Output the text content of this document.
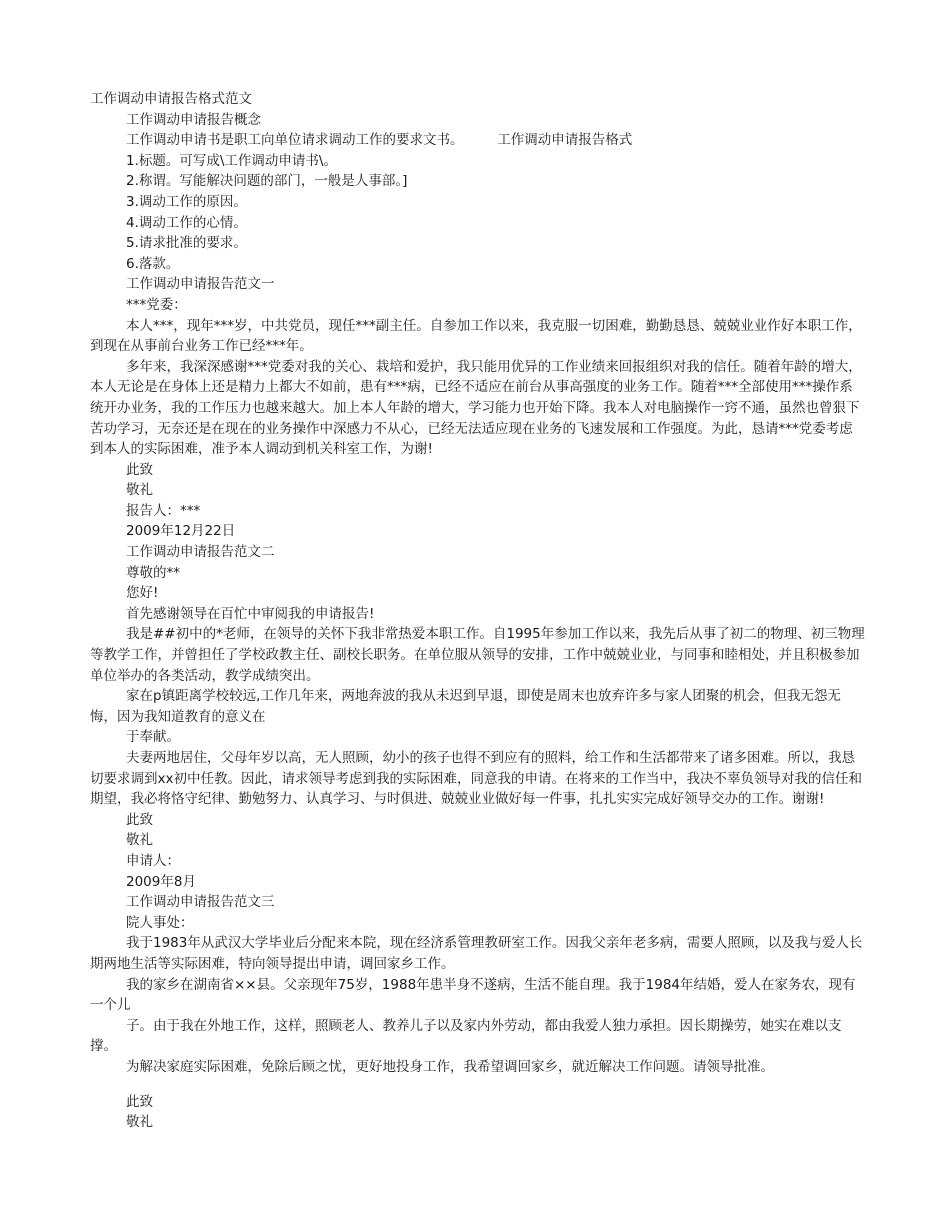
工作调动申请报告格式范文

工作调动申请报告概念

工作调动申请书是职工向单位请求调动工作的要求文书。　　　工作调动申请报告格式

1.标题。可写成\工作调动申请书\。

2.称谓。写能解决问题的部门，一般是人事部。]

3.调动工作的原因。

4.调动工作的心情。

5.请求批准的要求。

6.落款。

工作调动申请报告范文一

***党委：

本人***，现年***岁，中共党员，现任***副主任。自参加工作以来，我克服一切困难，勤勤恳恳、兢兢业业作好本职工作，到现在从事前台业务工作已经***年。

多年来，我深深感谢***党委对我的关心、栽培和爱护，我只能用优异的工作业绩来回报组织对我的信任。随着年龄的增大，本人无论是在身体上还是精力上都大不如前，患有***病，已经不适应在前台从事高强度的业务工作。随着***全部使用***操作系统开办业务，我的工作压力也越来越大。加上本人年龄的增大，学习能力也开始下降。我本人对电脑操作一窍不通，虽然也曾狠下苦功学习，无奈还是在现在的业务操作中深感力不从心，已经无法适应现在业务的飞速发展和工作强度。为此，恳请***党委考虑到本人的实际困难，准予本人调动到机关科室工作，为谢!

此致

敬礼

报告人：***

2009年12月22日

工作调动申请报告范文二

尊敬的**

您好!

首先感谢领导在百忙中审阅我的申请报告!

我是##初中的*老师，在领导的关怀下我非常热爱本职工作。自1995年参加工作以来，我先后从事了初二的物理、初三物理等教学工作，并曾担任了学校政教主任、副校长职务。在单位服从领导的安排，工作中兢兢业业，与同事和睦相处，并且积极参加单位举办的各类活动，教学成绩突出。

家在p镇距离学校较远,工作几年来，两地奔波的我从未迟到早退，即使是周末也放弃许多与家人团聚的机会，但我无怨无悔，因为我知道教育的意义在

于奉献。

夫妻两地居住，父母年岁以高，无人照顾，幼小的孩子也得不到应有的照料，给工作和生活都带来了诸多困难。所以，我恳切要求调到xx初中任教。因此，请求领导考虑到我的实际困难，同意我的申请。在将来的工作当中，我决不辜负领导对我的信任和期望，我必将恪守纪律、勤勉努力、认真学习、与时俱进、兢兢业业做好每一件事，扎扎实实完成好领导交办的工作。谢谢!

此致

敬礼

申请人：

2009年8月

工作调动申请报告范文三

院人事处：

我于1983年从武汉大学毕业后分配来本院，现在经济系管理教研室工作。因我父亲年老多病，需要人照顾，以及我与爱人长期两地生活等实际困难，特向领导提出申请，调回家乡工作。

我的家乡在湖南省××县。父亲现年75岁，1988年患半身不遂病，生活不能自理。我于1984年结婚，爱人在家务农，现有一个儿

子。由于我在外地工作，这样，照顾老人、教养儿子以及家内外劳动，都由我爱人独力承担。因长期操劳，她实在难以支撑。

为解决家庭实际困难，免除后顾之忧，更好地投身工作，我希望调回家乡，就近解决工作问题。请领导批准。

此致

敬礼
